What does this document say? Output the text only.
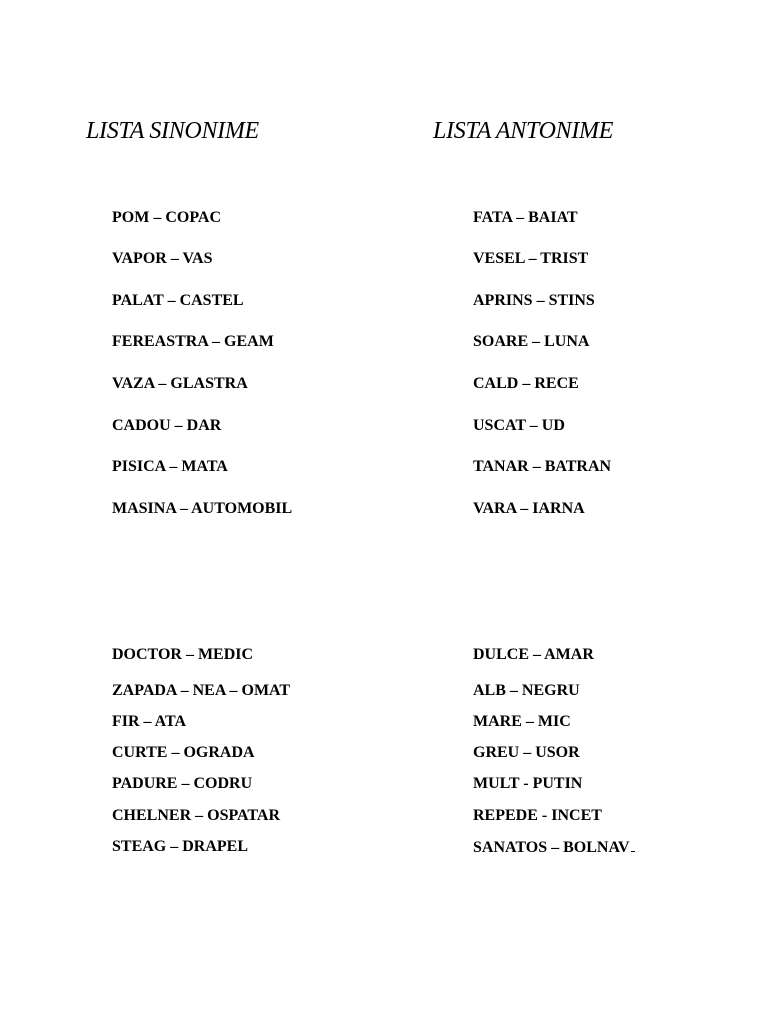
LISTA SINONIME	LISTA ANTONIME
POM – COPAC
VAPOR – VAS
PALAT – CASTEL
FEREASTRA – GEAM
VAZA – GLASTRA
CADOU – DAR
PISICA – MATA
MASINA – AUTOMOBIL
FATA – BAIAT
VESEL – TRIST
APRINS – STINS
SOARE – LUNA
CALD – RECE
USCAT – UD
TANAR – BATRAN
VARA – IARNA
DOCTOR – MEDIC
ZAPADA – NEA – OMAT
FIR – ATA
CURTE – OGRADA
PADURE – CODRU
CHELNER – OSPATAR
STEAG – DRAPEL
DULCE – AMAR
ALB – NEGRU
MARE – MIC
GREU – USOR
MULT - PUTIN
REPEDE - INCET
SANATOS – BOLNAV
